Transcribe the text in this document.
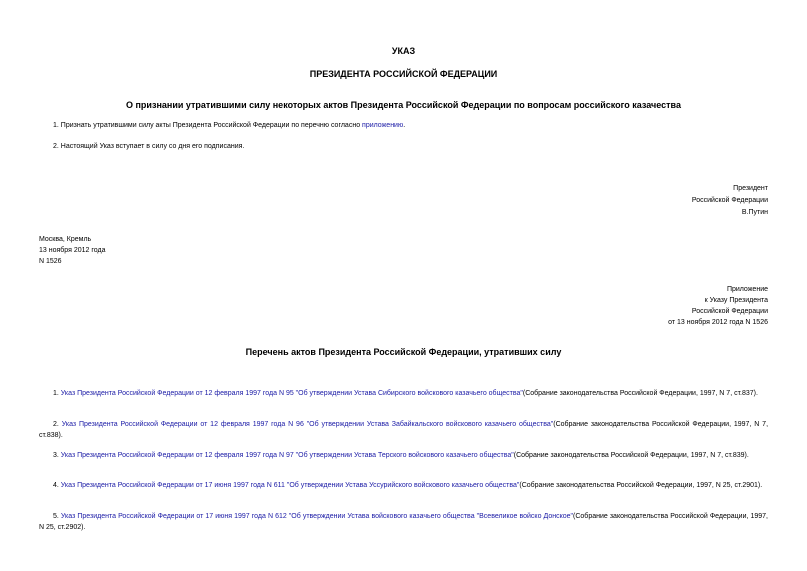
УКАЗ
ПРЕЗИДЕНТА РОССИЙСКОЙ ФЕДЕРАЦИИ
О признании утратившими силу некоторых актов Президента Российской Федерации по вопросам российского казачества
1. Признать утратившими силу акты Президента Российской Федерации по перечню согласно приложению.
2. Настоящий Указ вступает в силу со дня его подписания.
Президент
Российской Федерации
В.Путин
Москва, Кремль
13 ноября 2012 года
N 1526
Приложение
к Указу Президента
Российской Федерации
от 13 ноября 2012 года N 1526
Перечень актов Президента Российской Федерации, утративших силу
1. Указ Президента Российской Федерации от 12 февраля 1997 года N 95 "Об утверждении Устава Сибирского войскового казачьего общества"(Собрание законодательства Российской Федерации, 1997, N 7, ст.837).
2. Указ Президента Российской Федерации от 12 февраля 1997 года N 96 "Об утверждении Устава Забайкальского войскового казачьего общества"(Собрание законодательства Российской Федерации, 1997, N 7, ст.838).
3. Указ Президента Российской Федерации от 12 февраля 1997 года N 97 "Об утверждении Устава Терского войскового казачьего общества"(Собрание законодательства Российской Федерации, 1997, N 7, ст.839).
4. Указ Президента Российской Федерации от 17 июня 1997 года N 611 "Об утверждении Устава Уссурийского войскового казачьего общества"(Собрание законодательства Российской Федерации, 1997, N 25, ст.2901).
5. Указ Президента Российской Федерации от 17 июня 1997 года N 612 "Об утверждении Устава войскового казачьего общества "Всевеликое войско Донское"(Собрание законодательства Российской Федерации, 1997, N 25, ст.2902).
